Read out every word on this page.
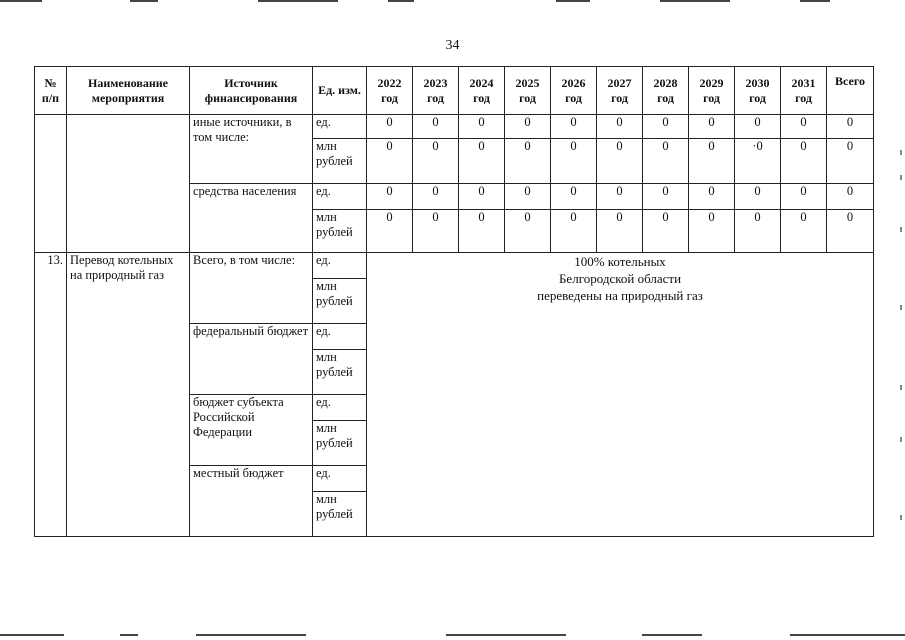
34
№ п/п	Наименование мероприятия	Источник финансирования	Ед. изм.	2022 год	2023 год	2024 год	2025 год	2026 год	2027 год	2028 год	2029 год	2030 год	2031 год	Всего
		иные источники, в том числе:	ед.	0	0	0	0	0	0	0	0	0	0	0
			млн рублей	0	0	0	0	0	0	0	0	·0	0	0
		средства населения	ед.	0	0	0	0	0	0	0	0	0	0	0
			млн рублей	0	0	0	0	0	0	0	0	0	0	0
13.	Перевод котельных на природный газ	Всего, в том числе:	ед.	100% котельных
Белгородской области
переведены на природный газ										

			млн рублей											
		федеральный бюджет	ед.											
			млн рублей											
		бюджет субъекта Российской Федерации	ед.											
			млн рублей											
		местный бюджет	ед.											
			млн рублей											
